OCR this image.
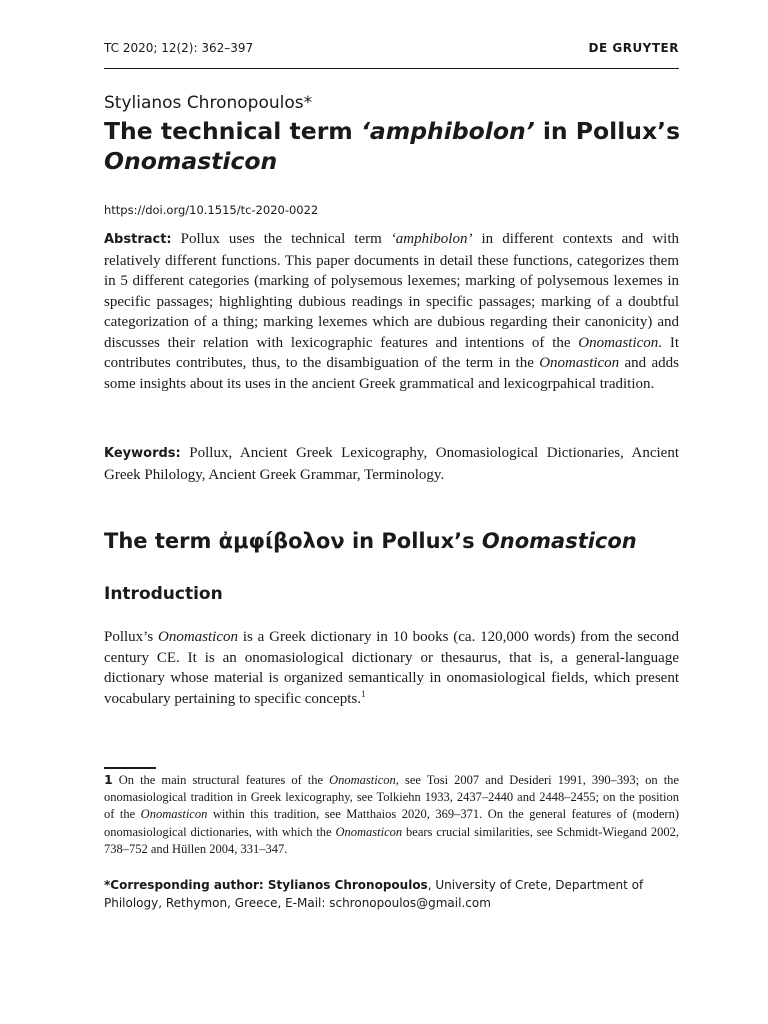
TC 2020; 12(2): 362–397	DE GRUYTER
Stylianos Chronopoulos*
The technical term ‘amphibolon’ in Pollux’s
Onomasticon
https://doi.org/10.1515/tc-2020-0022

Abstract: Pollux uses the technical term ‘amphibolon’ in different contexts and with relatively different functions. This paper documents in detail these functions, categorizes them in 5 different categories (marking of polysemous lexemes; marking of polysemous lexemes in specific passages; highlighting dubious readings in specific passages; marking of a doubtful categorization of a thing; marking lexemes which are dubious regarding their canonicity) and discusses their relation with lexicographic features and intentions of the Onomasticon. It contributes contributes, thus, to the disambiguation of the term in the Onomasticon and adds some insights about its uses in the ancient Greek grammatical and lexicogrpahical tradition.

Keywords: Pollux, Ancient Greek Lexicography, Onomasiological Dictionaries, Ancient Greek Philology, Ancient Greek Grammar, Terminology.

The term ἀμφίβολον in Pollux’s Onomasticon
Introduction

Pollux’s Onomasticon is a Greek dictionary in 10 books (ca. 120,000 words) from the second century CE. It is an onomasiological dictionary or thesaurus, that is, a general-language dictionary whose material is organized semantically in onomasiological fields, which present vocabulary pertaining to specific concepts.$^1$

1 On the main structural features of the Onomasticon, see Tosi 2007 and Desideri 1991, 390–393; on the onomasiological tradition in Greek lexicography, see Tolkiehn 1933, 2437–2440 and 2448–2455; on the position of the Onomasticon within this tradition, see Matthaios 2020, 369–371. On the general features of (modern) onomasiological dictionaries, with which the Onomasticon bears crucial similarities, see Schmidt-Wiegand 2002, 738–752 and Hüllen 2004, 331–347.

*Corresponding author: Stylianos Chronopoulos, University of Crete, Department of Philology, Rethymon, Greece, E-Mail: schronopoulos@gmail.com
